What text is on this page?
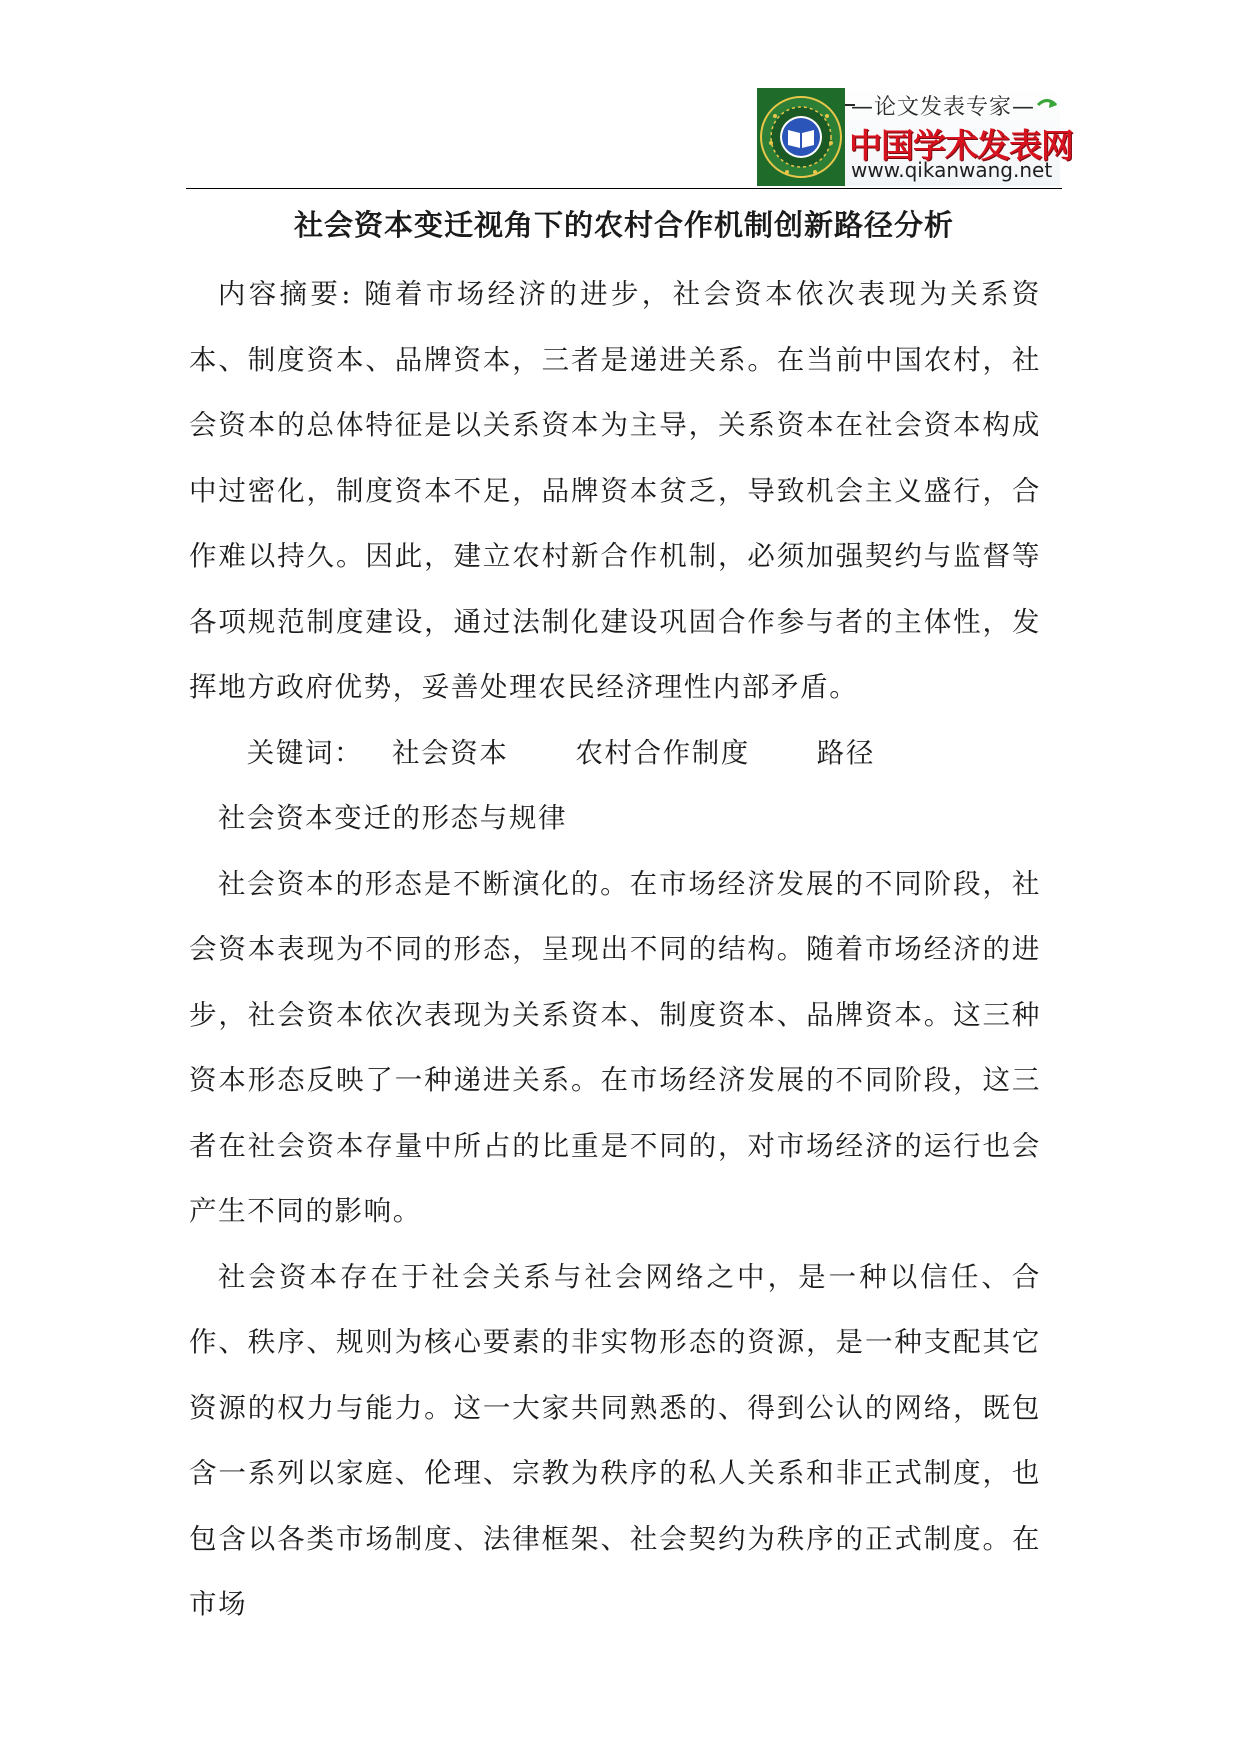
—论文发表专家—
中国学术发表网
www.qikanwang.net
社会资本变迁视角下的农村合作机制创新路径分析

内容摘要: 随着市场经济的进步，社会资本依次表现为关系资本、制度资本、品牌资本，三者是递进关系。在当前中国农村，社会资本的总体特征是以关系资本为主导，关系资本在社会资本构成中过密化，制度资本不足，品牌资本贫乏，导致机会主义盛行，合作难以持久。因此，建立农村新合作机制，必须加强契约与监督等各项规范制度建设，通过法制化建设巩固合作参与者的主体性，发挥地方政府优势，妥善处理农民经济理性内部矛盾。

关键词： 社会资本 农村合作制度 路径

社会资本变迁的形态与规律

社会资本的形态是不断演化的。在市场经济发展的不同阶段，社会资本表现为不同的形态，呈现出不同的结构。随着市场经济的进步，社会资本依次表现为关系资本、制度资本、品牌资本。这三种资本形态反映了一种递进关系。在市场经济发展的不同阶段，这三者在社会资本存量中所占的比重是不同的，对市场经济的运行也会产生不同的影响。

社会资本存在于社会关系与社会网络之中，是一种以信任、合作、秩序、规则为核心要素的非实物形态的资源，是一种支配其它资源的权力与能力。这一大家共同熟悉的、得到公认的网络，既包含一系列以家庭、伦理、宗教为秩序的私人关系和非正式制度，也包含以各类市场制度、法律框架、社会契约为秩序的正式制度。在市场
